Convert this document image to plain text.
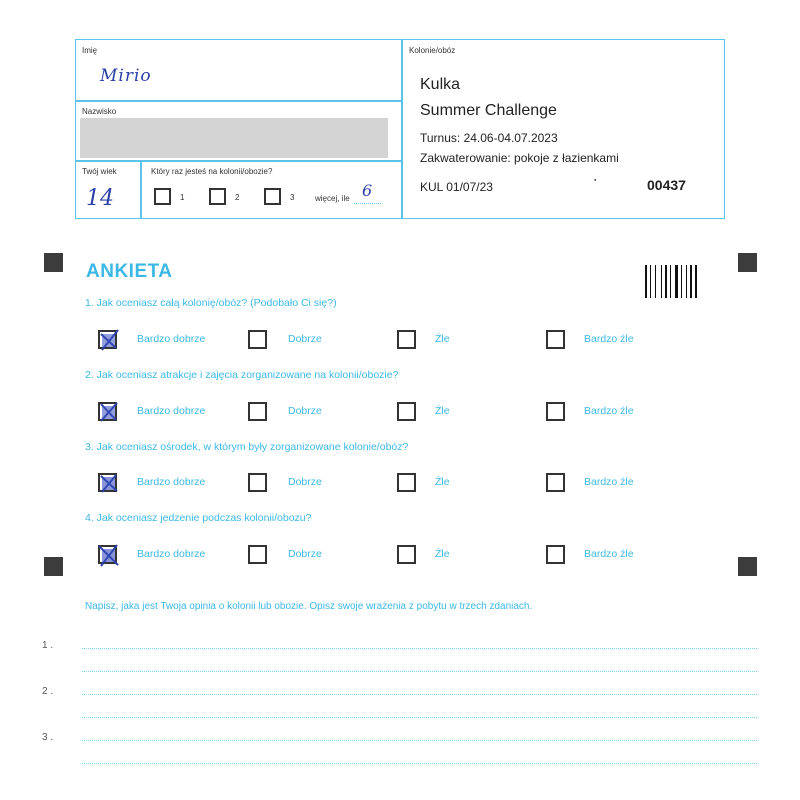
Imię
Mirio
Nazwisko
Twój wiek
14
Który raz jesteś na kolonii/obozie?
1	2	3	więcej, ile 6
Kolonie/obóz
Kulka
Summer Challenge
Turnus: 24.06-04.07.2023
Zakwaterowanie: pokoje z łazienkami
KUL 01/07/23
●	00437
ANKIETA
1. Jak oceniasz całą kolonię/obóz? (Podobało Ci się?)
Bardzo dobrze	Dobrze	Źle	Bardzo źle
2. Jak oceniasz atrakcje i zajęcia zorganizowane na kolonii/obozie?
Bardzo dobrze	Dobrze	Źle	Bardzo źle
3. Jak oceniasz ośrodek, w którym były zorganizowane kolonie/obóz?
Bardzo dobrze	Dobrze	Źle	Bardzo źle
4. Jak oceniasz jedzenie podczas kolonii/obozu?
Bardzo dobrze	Dobrze	Źle	Bardzo źle
Napisz, jaka jest Twoja opinia o kolonii lub obozie. Opisz swoje wrażenia z pobytu w trzech zdaniach.
1 .
2 .
3 .
